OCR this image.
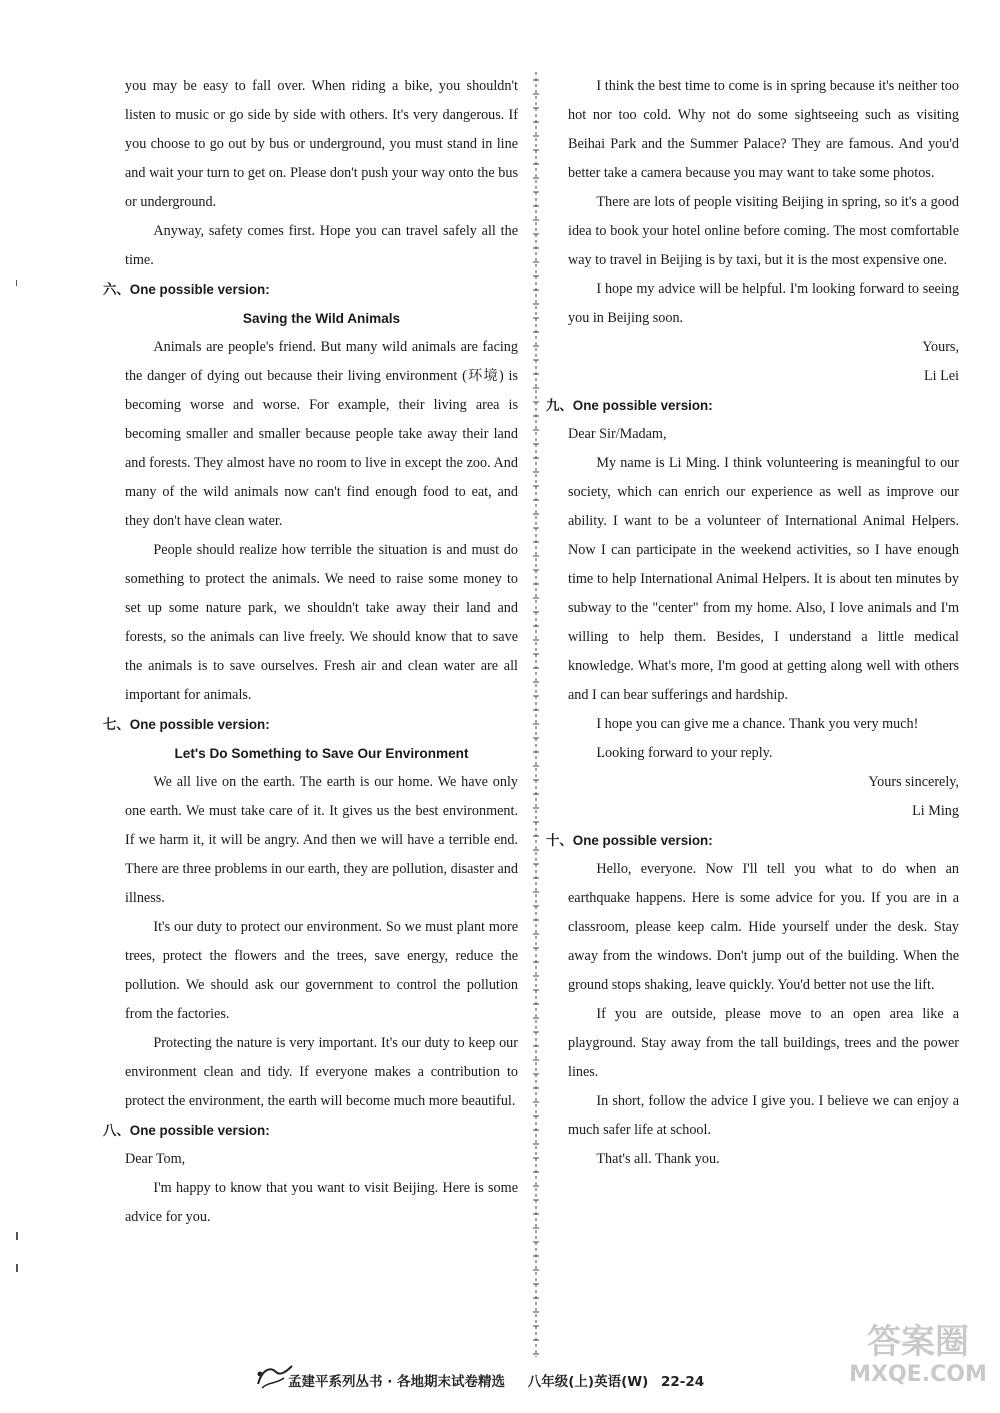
you may be easy to fall over. When riding a bike, you shouldn't listen to music or go side by side with others. It's very dangerous. If you choose to go out by bus or underground, you must stand in line and wait your turn to get on. Please don't push your way onto the bus or underground.

Anyway, safety comes first. Hope you can travel safely all the time.

六、One possible version:

Saving the Wild Animals

Animals are people's friend. But many wild animals are facing the danger of dying out because their living environment (环境) is becoming worse and worse. For example, their living area is becoming smaller and smaller because people take away their land and forests. They almost have no room to live in except the zoo. And many of the wild animals now can't find enough food to eat, and they don't have clean water.

People should realize how terrible the situation is and must do something to protect the animals. We need to raise some money to set up some nature park, we shouldn't take away their land and forests, so the animals can live freely. We should know that to save the animals is to save ourselves. Fresh air and clean water are all important for animals.

七、One possible version:

Let's Do Something to Save Our Environment

We all live on the earth. The earth is our home. We have only one earth. We must take care of it. It gives us the best environment. If we harm it, it will be angry. And then we will have a terrible end. There are three problems in our earth, they are pollution, disaster and illness.

It's our duty to protect our environment. So we must plant more trees, protect the flowers and the trees, save energy, reduce the pollution. We should ask our government to control the pollution from the factories.

Protecting the nature is very important. It's our duty to keep our environment clean and tidy. If everyone makes a contribution to protect the environment, the earth will become much more beautiful.

八、One possible version:

Dear Tom,

I'm happy to know that you want to visit Beijing. Here is some advice for you.

I think the best time to come is in spring because it's neither too hot nor too cold. Why not do some sightseeing such as visiting Beihai Park and the Summer Palace? They are famous. And you'd better take a camera because you may want to take some photos.

There are lots of people visiting Beijing in spring, so it's a good idea to book your hotel online before coming. The most comfortable way to travel in Beijing is by taxi, but it is the most expensive one.

I hope my advice will be helpful. I'm looking forward to seeing you in Beijing soon.

Yours,

Li Lei

九、One possible version:

Dear Sir/Madam,

My name is Li Ming. I think volunteering is meaningful to our society, which can enrich our experience as well as improve our ability. I want to be a volunteer of International Animal Helpers. Now I can participate in the weekend activities, so I have enough time to help International Animal Helpers. It is about ten minutes by subway to the "center" from my home. Also, I love animals and I'm willing to help them. Besides, I understand a little medical knowledge. What's more, I'm good at getting along well with others and I can bear sufferings and hardship.

I hope you can give me a chance. Thank you very much!

Looking forward to your reply.

Yours sincerely,

Li Ming

十、One possible version:

Hello, everyone. Now I'll tell you what to do when an earthquake happens. Here is some advice for you. If you are in a classroom, please keep calm. Hide yourself under the desk. Stay away from the windows. Don't jump out of the building. When the ground stops shaking, leave quickly. You'd better not use the lift.

If you are outside, please move to an open area like a playground. Stay away from the tall buildings, trees and the power lines.

In short, follow the advice I give you. I believe we can enjoy a much safer life at school.

That's all. Thank you.

孟建平系列丛书 · 各地期末试卷精选 八年级(上)英语(W) 22-24
答案圈
MXQE.COM
